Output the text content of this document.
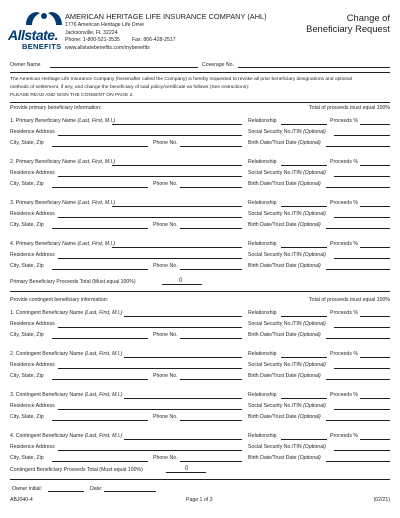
Allstate.
BENEFITS
AMERICAN HERITAGE LIFE INSURANCE COMPANY (AHL)
1776 American Heritage Life Drive
Jacksonville, FL 32224
Phone: 1-800-521-3535 Fax: 866-428-2517
www.allstatebenefits.com/mybenefits
Change of
Beneficiary Request
Owner Name	Coverage No.
The American Heritage Life Insurance Company (hereinafter called the Company) is hereby requested to revoke all prior beneficiary designations and optional
methods of settlement, if any, and change the beneficiary of said policy/certificate as follows (See instructions):
PLEASE READ AND SIGN THE CONSENT ON PAGE 2.
Provide primary beneficiary information:	Total of proceeds must equal 100%
1. Primary Beneficiary Name (Last, First, M.I.)	Relationship	Proceeds %
Residence Address	Social Security No./TIN (Optional)
City, State, Zip	Phone No.	Birth Date/Trust Date (Optional)
2. Primary Beneficiary Name (Last, First, M.I.)	Relationship	Proceeds %
Residence Address	Social Security No./TIN (Optional)
City, State, Zip	Phone No.	Birth Date/Trust Date (Optional)
3. Primary Beneficiary Name (Last, First, M.I.)	Relationship	Proceeds %
Residence Address	Social Security No./TIN (Optional)
City, State, Zip	Phone No.	Birth Date/Trust Date (Optional)
4. Primary Beneficiary Name (Last, First, M.I.)	Relationship	Proceeds %
Residence Address	Social Security No./TIN (Optional)
City, State, Zip	Phone No.	Birth Date/Trust Date (Optional)
Primary Beneficiary Proceeds Total (Must equal 100%)	0
Provide contingent beneficiary information:	Total of proceeds must equal 100%
1. Contingent Beneficiary Name (Last, First, M.I.)	Relationship	Proceeds %
Residence Address	Social Security No./TIN (Optional)
City, State, Zip	Phone No.	Birth Date/Trust Date (Optional)
2. Contingent Beneficiary Name (Last, First, M.I.)	Relationship	Proceeds %
Residence Address	Social Security No./TIN (Optional)
City, State, Zip	Phone No.	Birth Date/Trust Date (Optional)
3. Contingent Beneficiary Name (Last, First, M.I.)	Relationship	Proceeds %
Residence Address	Social Security No./TIN (Optional)
City, State, Zip	Phone No.	Birth Date/Trust Date (Optional)
4. Contingent Beneficiary Name (Last, First, M.I.)	Relationship	Proceeds %
Residence Address	Social Security No./TIN (Optional)
City, State, Zip	Phone No.	Birth Date/Trust Date (Optional)
Contingent Beneficiary Proceeds Total (Must equal 100%)	0
Owner initial:	Date:
ABJ040-4	Page 1 of 3	(02/21)
